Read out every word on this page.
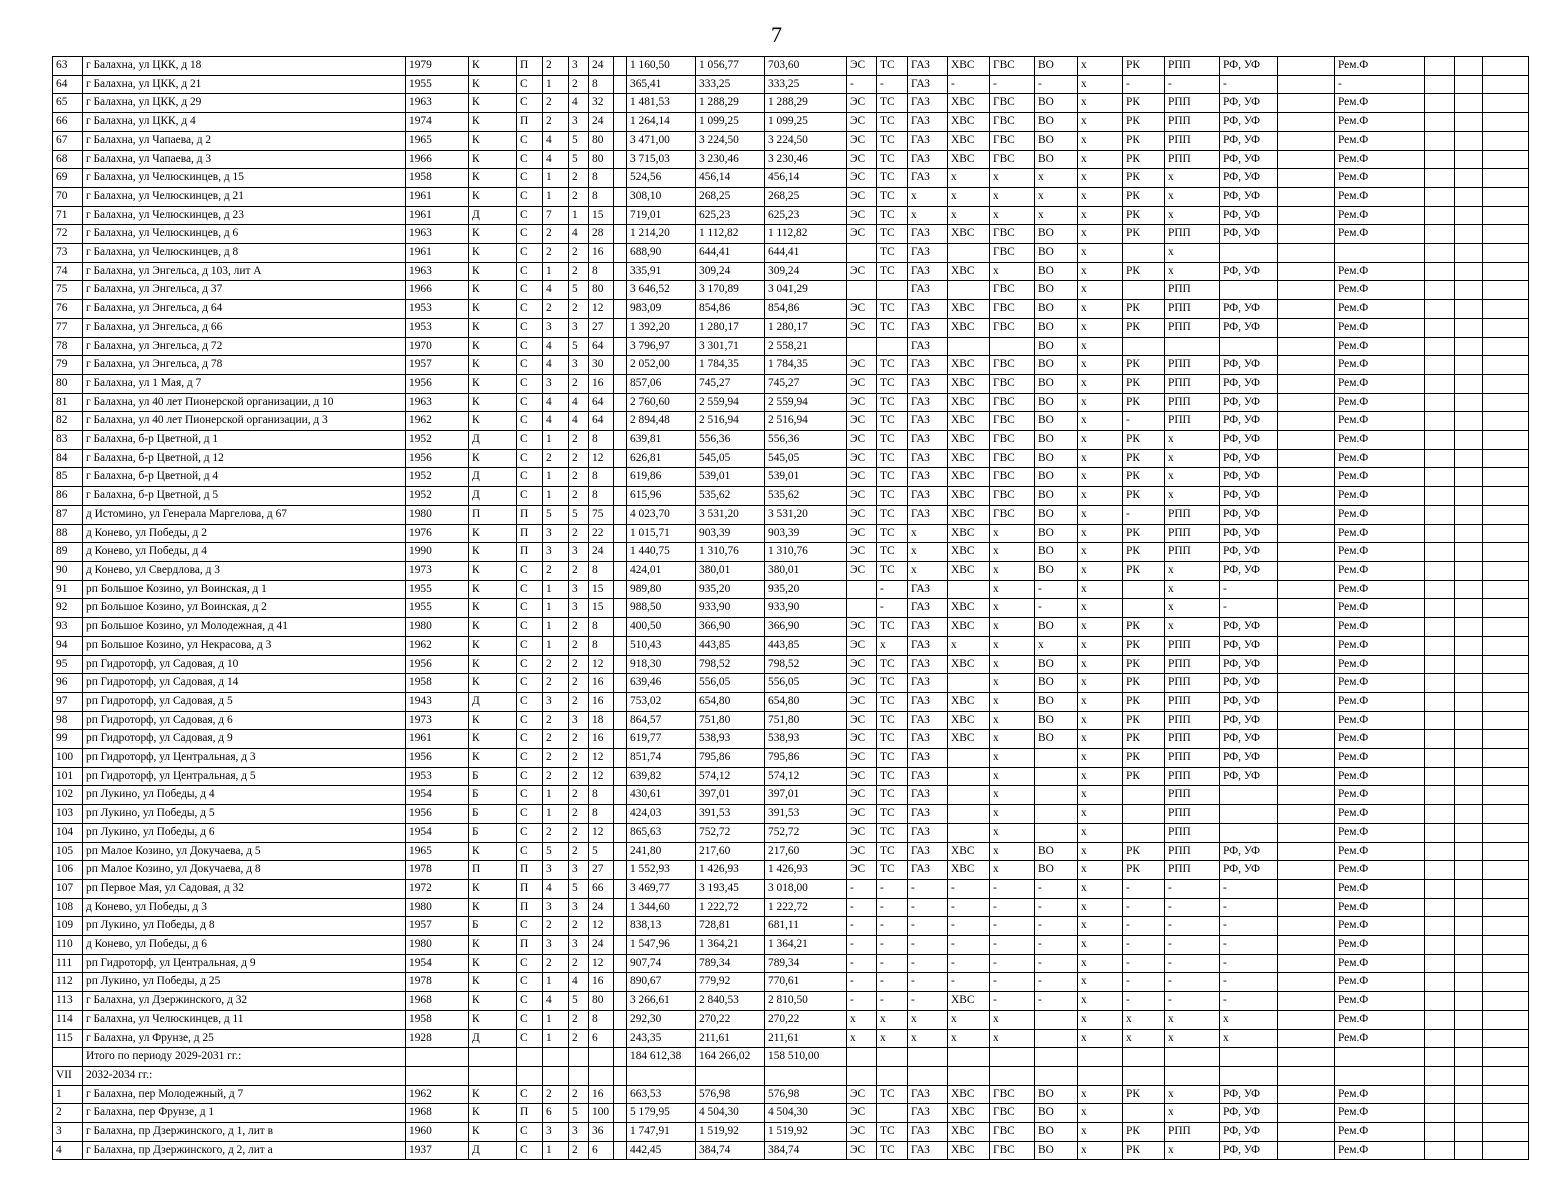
7
63	г Балахна, ул ЦКК, д 18	1979	К	П	2	3	24		1 160,50	1 056,77	703,60	ЭС	ТС	ГАЗ	ХВС	ГВС	ВО	х	РК	РПП	РФ, УФ		Рем.Ф			
64	г Балахна, ул ЦКК, д 21	1955	К	С	1	2	8		365,41	333,25	333,25	-	-	ГАЗ	-	-	-	х	-	-	-		-			
65	г Балахна, ул ЦКК, д 29	1963	К	С	2	4	32		1 481,53	1 288,29	1 288,29	ЭС	ТС	ГАЗ	ХВС	ГВС	ВО	х	РК	РПП	РФ, УФ		Рем.Ф			
66	г Балахна, ул ЦКК, д 4	1974	К	П	2	3	24		1 264,14	1 099,25	1 099,25	ЭС	ТС	ГАЗ	ХВС	ГВС	ВО	х	РК	РПП	РФ, УФ		Рем.Ф			
67	г Балахна, ул Чапаева, д 2	1965	К	С	4	5	80		3 471,00	3 224,50	3 224,50	ЭС	ТС	ГАЗ	ХВС	ГВС	ВО	х	РК	РПП	РФ, УФ		Рем.Ф			
68	г Балахна, ул Чапаева, д 3	1966	К	С	4	5	80		3 715,03	3 230,46	3 230,46	ЭС	ТС	ГАЗ	ХВС	ГВС	ВО	х	РК	РПП	РФ, УФ		Рем.Ф			
69	г Балахна, ул Челюскинцев, д 15	1958	К	С	1	2	8		524,56	456,14	456,14	ЭС	ТС	ГАЗ	х	х	х	х	РК	х	РФ, УФ		Рем.Ф			
70	г Балахна, ул Челюскинцев, д 21	1961	К	С	1	2	8		308,10	268,25	268,25	ЭС	ТС	х	х	х	х	х	РК	х	РФ, УФ		Рем.Ф			
71	г Балахна, ул Челюскинцев, д 23	1961	Д	С	7	1	15		719,01	625,23	625,23	ЭС	ТС	х	х	х	х	х	РК	х	РФ, УФ		Рем.Ф			
72	г Балахна, ул Челюскинцев, д 6	1963	К	С	2	4	28		1 214,20	1 112,82	1 112,82	ЭС	ТС	ГАЗ	ХВС	ГВС	ВО	х	РК	РПП	РФ, УФ		Рем.Ф			
73	г Балахна, ул Челюскинцев, д 8	1961	К	С	2	2	16		688,90	644,41	644,41		ТС	ГАЗ		ГВС	ВО	х		х						
74	г Балахна, ул Энгельса, д 103, лит А	1963	К	С	1	2	8		335,91	309,24	309,24	ЭС	ТС	ГАЗ	ХВС	х	ВО	х	РК	х	РФ, УФ		Рем.Ф			
75	г Балахна, ул Энгельса, д 37	1966	К	С	4	5	80		3 646,52	3 170,89	3 041,29			ГАЗ		ГВС	ВО	х		РПП			Рем.Ф			
76	г Балахна, ул Энгельса, д 64	1953	К	С	2	2	12		983,09	854,86	854,86	ЭС	ТС	ГАЗ	ХВС	ГВС	ВО	х	РК	РПП	РФ, УФ		Рем.Ф			
77	г Балахна, ул Энгельса, д 66	1953	К	С	3	3	27		1 392,20	1 280,17	1 280,17	ЭС	ТС	ГАЗ	ХВС	ГВС	ВО	х	РК	РПП	РФ, УФ		Рем.Ф			
78	г Балахна, ул Энгельса, д 72	1970	К	С	4	5	64		3 796,97	3 301,71	2 558,21			ГАЗ			ВО	х					Рем.Ф			
79	г Балахна, ул Энгельса, д 78	1957	К	С	4	3	30		2 052,00	1 784,35	1 784,35	ЭС	ТС	ГАЗ	ХВС	ГВС	ВО	х	РК	РПП	РФ, УФ		Рем.Ф			
80	г Балахна, ул 1 Мая, д 7	1956	К	С	3	2	16		857,06	745,27	745,27	ЭС	ТС	ГАЗ	ХВС	ГВС	ВО	х	РК	РПП	РФ, УФ		Рем.Ф			
81	г Балахна, ул 40 лет Пионерской организации, д 10	1963	К	С	4	4	64		2 760,60	2 559,94	2 559,94	ЭС	ТС	ГАЗ	ХВС	ГВС	ВО	х	РК	РПП	РФ, УФ		Рем.Ф			
82	г Балахна, ул 40 лет Пионерской организации, д 3	1962	К	С	4	4	64		2 894,48	2 516,94	2 516,94	ЭС	ТС	ГАЗ	ХВС	ГВС	ВО	х	-	РПП	РФ, УФ		Рем.Ф			
83	г Балахна, б-р Цветной, д 1	1952	Д	С	1	2	8		639,81	556,36	556,36	ЭС	ТС	ГАЗ	ХВС	ГВС	ВО	х	РК	х	РФ, УФ		Рем.Ф			
84	г Балахна, б-р Цветной, д 12	1956	К	С	2	2	12		626,81	545,05	545,05	ЭС	ТС	ГАЗ	ХВС	ГВС	ВО	х	РК	х	РФ, УФ		Рем.Ф			
85	г Балахна, б-р Цветной, д 4	1952	Д	С	1	2	8		619,86	539,01	539,01	ЭС	ТС	ГАЗ	ХВС	ГВС	ВО	х	РК	х	РФ, УФ		Рем.Ф			
86	г Балахна, б-р Цветной, д 5	1952	Д	С	1	2	8		615,96	535,62	535,62	ЭС	ТС	ГАЗ	ХВС	ГВС	ВО	х	РК	х	РФ, УФ		Рем.Ф			
87	д Истомино, ул Генерала Маргелова, д 67	1980	П	П	5	5	75		4 023,70	3 531,20	3 531,20	ЭС	ТС	ГАЗ	ХВС	ГВС	ВО	х	-	РПП	РФ, УФ		Рем.Ф			
88	д Конево, ул Победы, д 2	1976	К	П	3	2	22		1 015,71	903,39	903,39	ЭС	ТС	х	ХВС	х	ВО	х	РК	РПП	РФ, УФ		Рем.Ф			
89	д Конево, ул Победы, д 4	1990	К	П	3	3	24		1 440,75	1 310,76	1 310,76	ЭС	ТС	х	ХВС	х	ВО	х	РК	РПП	РФ, УФ		Рем.Ф			
90	д Конево, ул Свердлова, д 3	1973	К	С	2	2	8		424,01	380,01	380,01	ЭС	ТС	х	ХВС	х	ВО	х	РК	х	РФ, УФ		Рем.Ф			
91	рп Большое Козино, ул Воинская, д 1	1955	К	С	1	3	15		989,80	935,20	935,20		-	ГАЗ		х	-	х		х	-		Рем.Ф			
92	рп Большое Козино, ул Воинская, д 2	1955	К	С	1	3	15		988,50	933,90	933,90		-	ГАЗ	ХВС	х	-	х		х	-		Рем.Ф			
93	рп Большое Козино, ул Молодежная, д 41	1980	К	С	1	2	8		400,50	366,90	366,90	ЭС	ТС	ГАЗ	ХВС	х	ВО	х	РК	х	РФ, УФ		Рем.Ф			
94	рп Большое Козино, ул Некрасова, д 3	1962	К	С	1	2	8		510,43	443,85	443,85	ЭС	х	ГАЗ	х	х	х	х	РК	РПП	РФ, УФ		Рем.Ф			
95	рп Гидроторф, ул Садовая, д 10	1956	К	С	2	2	12		918,30	798,52	798,52	ЭС	ТС	ГАЗ	ХВС	х	ВО	х	РК	РПП	РФ, УФ		Рем.Ф			
96	рп Гидроторф, ул Садовая, д 14	1958	К	С	2	2	16		639,46	556,05	556,05	ЭС	ТС	ГАЗ		х	ВО	х	РК	РПП	РФ, УФ		Рем.Ф			
97	рп Гидроторф, ул Садовая, д 5	1943	Д	С	3	2	16		753,02	654,80	654,80	ЭС	ТС	ГАЗ	ХВС	х	ВО	х	РК	РПП	РФ, УФ		Рем.Ф			
98	рп Гидроторф, ул Садовая, д 6	1973	К	С	2	3	18		864,57	751,80	751,80	ЭС	ТС	ГАЗ	ХВС	х	ВО	х	РК	РПП	РФ, УФ		Рем.Ф			
99	рп Гидроторф, ул Садовая, д 9	1961	К	С	2	2	16		619,77	538,93	538,93	ЭС	ТС	ГАЗ	ХВС	х	ВО	х	РК	РПП	РФ, УФ		Рем.Ф			
100	рп Гидроторф, ул Центральная, д 3	1956	К	С	2	2	12		851,74	795,86	795,86	ЭС	ТС	ГАЗ		х		х	РК	РПП	РФ, УФ		Рем.Ф			
101	рп Гидроторф, ул Центральная, д 5	1953	Б	С	2	2	12		639,82	574,12	574,12	ЭС	ТС	ГАЗ		х		х	РК	РПП	РФ, УФ		Рем.Ф			
102	рп Лукино, ул Победы, д 4	1954	Б	С	1	2	8		430,61	397,01	397,01	ЭС	ТС	ГАЗ		х		х		РПП			Рем.Ф			
103	рп Лукино, ул Победы, д 5	1956	Б	С	1	2	8		424,03	391,53	391,53	ЭС	ТС	ГАЗ		х		х		РПП			Рем.Ф			
104	рп Лукино, ул Победы, д 6	1954	Б	С	2	2	12		865,63	752,72	752,72	ЭС	ТС	ГАЗ		х		х		РПП			Рем.Ф			
105	рп Малое Козино, ул Докучаева, д 5	1965	К	С	5	2	5		241,80	217,60	217,60	ЭС	ТС	ГАЗ	ХВС	х	ВО	х	РК	РПП	РФ, УФ		Рем.Ф			
106	рп Малое Козино, ул Докучаева, д 8	1978	П	П	3	3	27		1 552,93	1 426,93	1 426,93	ЭС	ТС	ГАЗ	ХВС	х	ВО	х	РК	РПП	РФ, УФ		Рем.Ф			
107	рп Первое Мая, ул Садовая, д 32	1972	К	П	4	5	66		3 469,77	3 193,45	3 018,00	-	-	-	-	-	-	х	-	-	-		Рем.Ф			
108	д Конево, ул Победы, д 3	1980	К	П	3	3	24		1 344,60	1 222,72	1 222,72	-	-	-	-	-	-	х	-	-	-		Рем.Ф			
109	рп Лукино, ул Победы, д 8	1957	Б	С	2	2	12		838,13	728,81	681,11	-	-	-	-	-	-	х	-	-	-		Рем.Ф			
110	д Конево, ул Победы, д 6	1980	К	П	3	3	24		1 547,96	1 364,21	1 364,21	-	-	-	-	-	-	х	-	-	-		Рем.Ф			
111	рп Гидроторф, ул Центральная, д 9	1954	К	С	2	2	12		907,74	789,34	789,34	-	-	-	-	-	-	х	-	-	-		Рем.Ф			
112	рп Лукино, ул Победы, д 25	1978	К	С	1	4	16		890,67	779,92	770,61	-	-	-	-	-	-	х	-	-	-		Рем.Ф			
113	г Балахна, ул Дзержинского, д 32	1968	К	С	4	5	80		3 266,61	2 840,53	2 810,50	-	-	-	ХВС	-	-	х	-	-	-		Рем.Ф			
114	г Балахна, ул Челюскинцев, д 11	1958	К	С	1	2	8		292,30	270,22	270,22	х	х	х	х	х		х	х	х	х		Рем.Ф			
115	г Балахна, ул Фрунзе, д 25	1928	Д	С	1	2	6		243,35	211,61	211,61	х	х	х	х	х		х	х	х	х		Рем.Ф			
	Итого по периоду 2029-2031 гг.:								184 612,38	164 266,02	158 510,00															
VII	2032-2034 гг.:																									
1	г Балахна, пер Молодежный, д 7	1962	К	С	2	2	16		663,53	576,98	576,98	ЭС	ТС	ГАЗ	ХВС	ГВС	ВО	х	РК	х	РФ, УФ		Рем.Ф			
2	г Балахна, пер Фрунзе, д 1	1968	К	П	6	5	100		5 179,95	4 504,30	4 504,30	ЭС		ГАЗ	ХВС	ГВС	ВО	х		х	РФ, УФ		Рем.Ф			
3	г Балахна, пр Дзержинского, д 1, лит в	1960	К	С	3	3	36		1 747,91	1 519,92	1 519,92	ЭС	ТС	ГАЗ	ХВС	ГВС	ВО	х	РК	РПП	РФ, УФ		Рем.Ф			
4	г Балахна, пр Дзержинского, д 2, лит а	1937	Д	С	1	2	6		442,45	384,74	384,74	ЭС	ТС	ГАЗ	ХВС	ГВС	ВО	х	РК	х	РФ, УФ		Рем.Ф			
